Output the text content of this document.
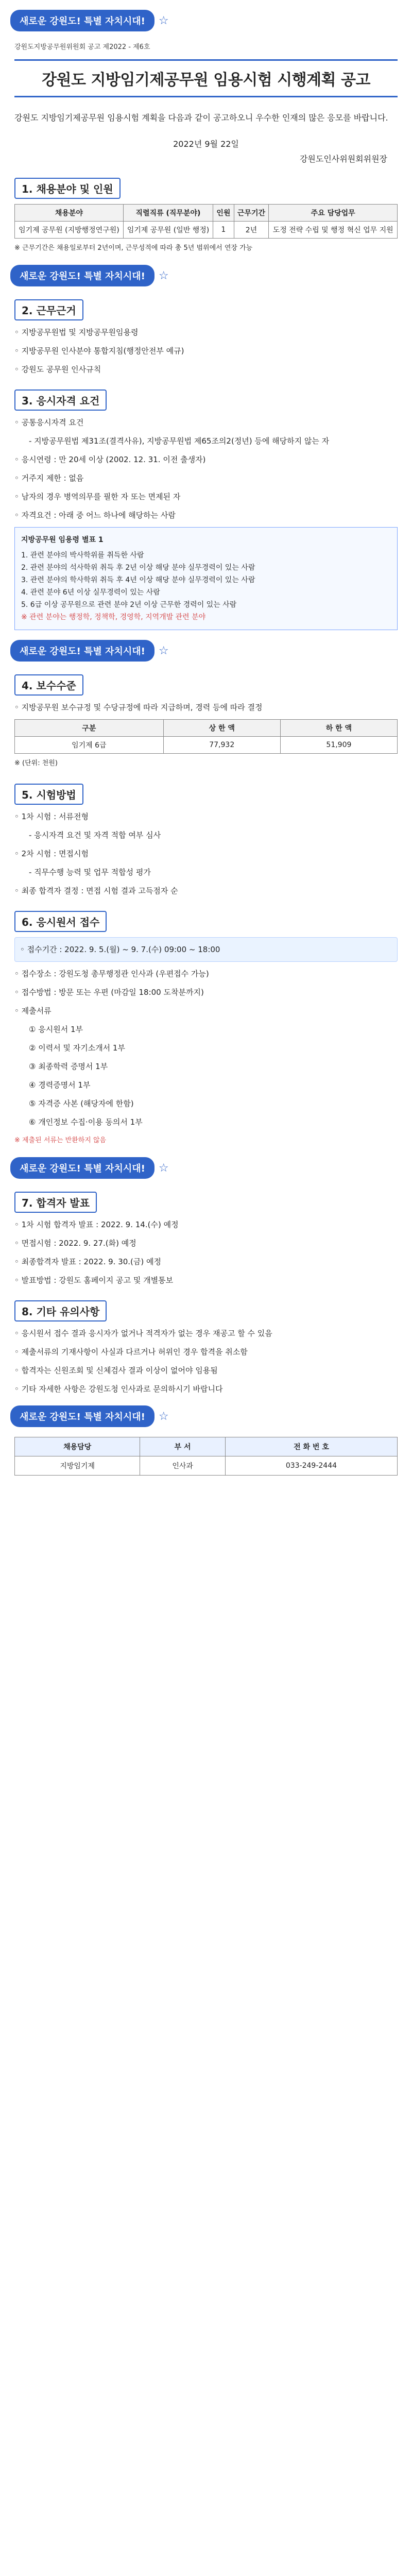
새로운 강원도! 특별 자치시대!	☆
강원도지방공무원위원회 공고 제2022 - 제6호
강원도 지방임기제공무원 임용시험 시행계획 공고
강원도 지방임기제공무원 임용시험 계획을 다음과 같이 공고하오니 우수한 인재의 많은 응모를 바랍니다.
2022년 9월 22일
강원도인사위원회위원장
1. 채용분야 및 인원
채용분야	직렬직류 (직무분야)	인원	근무기간	주요 담당업무
임기제 공무원 (지방행정연구원)	임기제 공무원 (일반 행정)	1	2년	도정 전략 수립 및 행정 혁신 업무 지원
※ 근무기간은 채용일로부터 2년이며, 근무성적에 따라 총 5년 범위에서 연장 가능
새로운 강원도! 특별 자치시대!	☆
2. 근무근거
◦ 지방공무원법 및 지방공무원임용령
◦ 지방공무원 인사분야 통합지침(행정안전부 예규)
◦ 강원도 공무원 인사규칙
3. 응시자격 요건
◦ 공통응시자격 요건
- 지방공무원법 제31조(결격사유), 지방공무원법 제65조의2(정년) 등에 해당하지 않는 자
◦ 응시연령 : 만 20세 이상 (2002. 12. 31. 이전 출생자)
◦ 거주지 제한 : 없음
◦ 남자의 경우 병역의무를 필한 자 또는 면제된 자
◦ 자격요건 : 아래 중 어느 하나에 해당하는 사람
지방공무원 임용령 별표 1
1. 관련 분야의 박사학위를 취득한 사람
2. 관련 분야의 석사학위 취득 후 2년 이상 해당 분야 실무경력이 있는 사람
3. 관련 분야의 학사학위 취득 후 4년 이상 해당 분야 실무경력이 있는 사람
4. 관련 분야 6년 이상 실무경력이 있는 사람
5. 6급 이상 공무원으로 관련 분야 2년 이상 근무한 경력이 있는 사람
※ 관련 분야는 행정학, 정책학, 경영학, 지역개발 관련 분야
새로운 강원도! 특별 자치시대!	☆
4. 보수수준
◦ 지방공무원 보수규정 및 수당규정에 따라 지급하며, 경력 등에 따라 결정
구분	상 한 액	하 한 액
임기제 6급	77,932	51,909
※ (단위: 천원)
5. 시험방법
◦ 1차 시험 : 서류전형
- 응시자격 요건 및 자격 적합 여부 심사
◦ 2차 시험 : 면접시험
- 직무수행 능력 및 업무 적합성 평가
◦ 최종 합격자 결정 : 면접 시험 결과 고득점자 순
6. 응시원서 접수
◦ 접수기간 : 2022. 9. 5.(월) ~ 9. 7.(수) 09:00 ~ 18:00
◦ 접수장소 : 강원도청 총무행정관 인사과 (우편접수 가능)
◦ 접수방법 : 방문 또는 우편 (마감일 18:00 도착분까지)
◦ 제출서류
① 응시원서 1부
② 이력서 및 자기소개서 1부
③ 최종학력 증명서 1부
④ 경력증명서 1부
⑤ 자격증 사본 (해당자에 한함)
⑥ 개인정보 수집·이용 동의서 1부
※ 제출된 서류는 반환하지 않음
새로운 강원도! 특별 자치시대!	☆
7. 합격자 발표
◦ 1차 시험 합격자 발표 : 2022. 9. 14.(수) 예정
◦ 면접시험 : 2022. 9. 27.(화) 예정
◦ 최종합격자 발표 : 2022. 9. 30.(금) 예정
◦ 발표방법 : 강원도 홈페이지 공고 및 개별통보
8. 기타 유의사항
◦ 응시원서 접수 결과 응시자가 없거나 적격자가 없는 경우 재공고 할 수 있음
◦ 제출서류의 기재사항이 사실과 다르거나 허위인 경우 합격을 취소함
◦ 합격자는 신원조회 및 신체검사 결과 이상이 없어야 임용됨
◦ 기타 자세한 사항은 강원도청 인사과로 문의하시기 바랍니다
새로운 강원도! 특별 자치시대!	☆
채용담당	부 서	전 화 번 호
지방임기제	인사과	033-249-2444
